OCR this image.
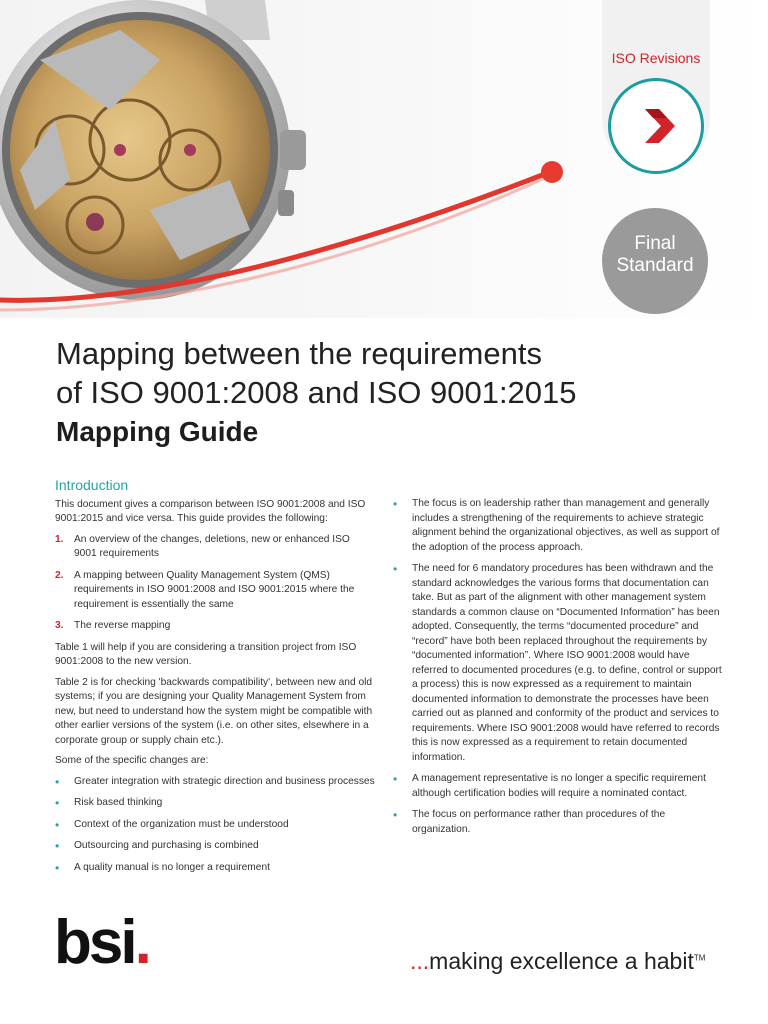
ISO Revisions
Final
Standard
Mapping between the requirements
of ISO 9001:2008 and ISO 9001:2015
Mapping Guide
Introduction

This document gives a comparison between ISO 9001:2008 and ISO 9001:2015 and vice versa. This guide provides the following:

1. An overview of the changes, deletions, new or enhanced ISO 9001 requirements
2. A mapping between Quality Management System (QMS) requirements in ISO 9001:2008 and ISO 9001:2015 where the requirement is essentially the same
3. The reverse mapping

Table 1 will help if you are considering a transition project from ISO 9001:2008 to the new version.

Table 2 is for checking 'backwards compatibility', between new and old systems; if you are designing your Quality Management System from new, but need to understand how the system might be compatible with other earlier versions of the system (i.e. on other sites, elsewhere in a corporate group or supply chain etc.).

Some of the specific changes are:

• Greater integration with strategic direction and business processes
• Risk based thinking
• Context of the organization must be understood
• Outsourcing and purchasing is combined
• A quality manual is no longer a requirement
• The focus is on leadership rather than management and generally includes a strengthening of the requirements to achieve strategic alignment behind the organizational objectives, as well as support of the adoption of the process approach.
• The need for 6 mandatory procedures has been withdrawn and the standard acknowledges the various forms that documentation can take. But as part of the alignment with other management system standards a common clause on “Documented Information” has been adopted. Consequently, the terms “documented procedure” and “record” have both been replaced throughout the requirements by “documented information”. Where ISO 9001:2008 would have referred to documented procedures (e.g. to define, control or support a process) this is now expressed as a requirement to maintain documented information to demonstrate the processes have been carried out as planned and conformity of the product and services to requirements. Where ISO 9001:2008 would have referred to records this is now expressed as a requirement to retain documented information.
• A management representative is no longer a specific requirement although certification bodies will require a nominated contact.
• The focus on performance rather than procedures of the organization.
bsi.	...making excellence a habit™
